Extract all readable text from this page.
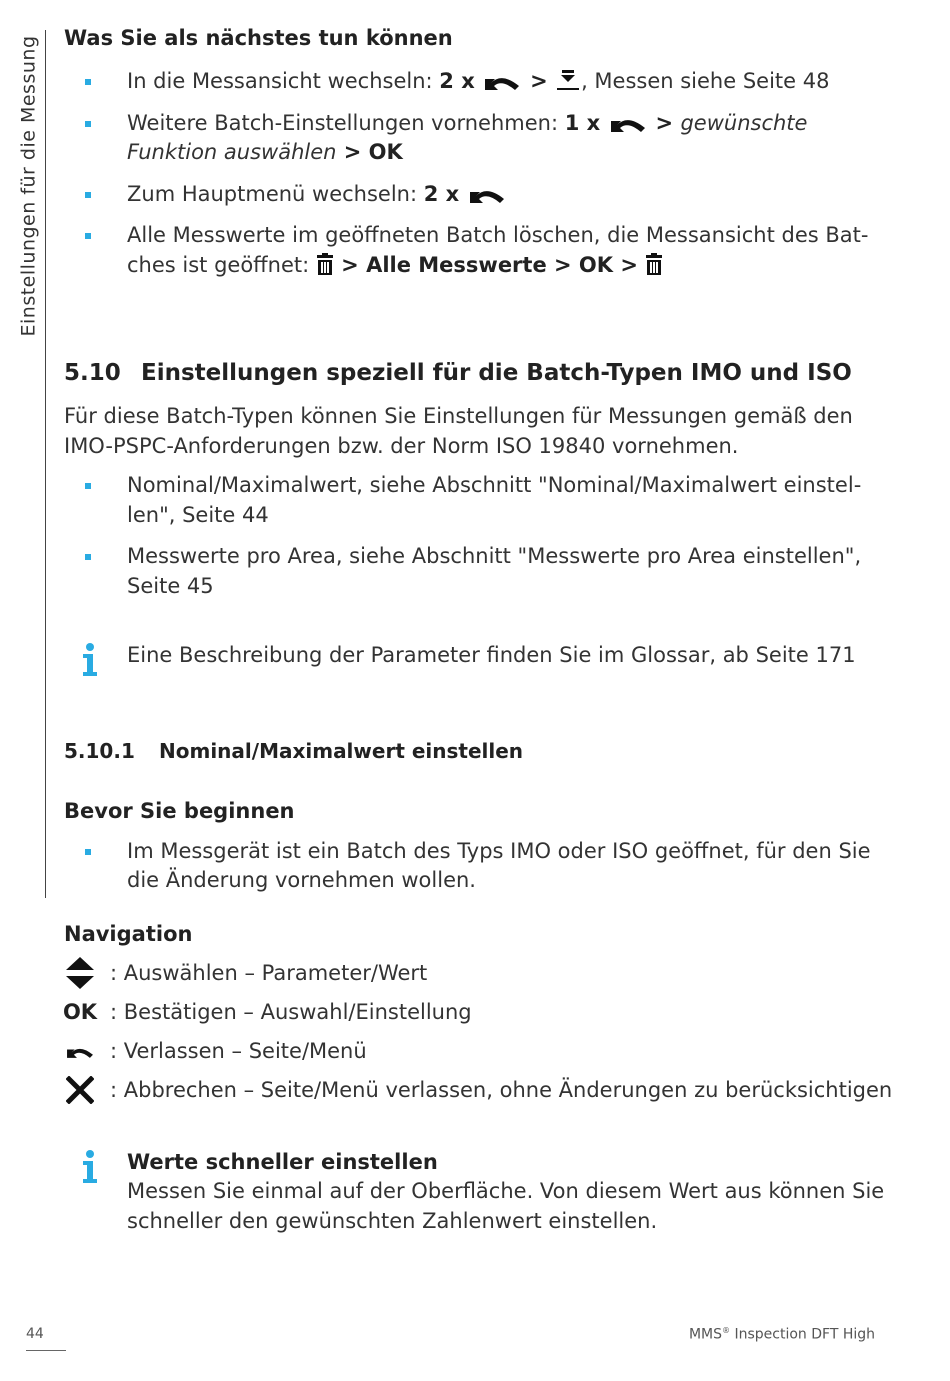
Einstellungen für die Messung Was Sie als nächstes tun können
In die Messansicht wechseln: 2 x	> , Messen siehe Seite 48
Weitere Batch-Einstellungen vornehmen: 1 x	> gewünschte Funktion auswählen > OK
Zum Hauptmenü wechseln: 2 x
Alle Messwerte im geöffneten Batch löschen, die Messansicht des Batches ist geöffnet:  > Alle Messwerte > OK >
5.10 Einstellungen speziell für die Batch-Typen IMO und ISO

Für diese Batch-Typen können Sie Einstellungen für Messungen gemäß den IMO-PSPC-Anforderungen bzw. der Norm ISO 19840 vornehmen.

Nominal/Maximalwert, siehe Abschnitt "Nominal/Maximalwert einstellen", Seite 44
Messwerte pro Area, siehe Abschnitt "Messwerte pro Area einstellen", Seite 45
Eine Beschreibung der Parameter finden Sie im Glossar, ab Seite 171
5.10.1 Nominal/Maximalwert einstellen
Bevor Sie beginnen
Im Messgerät ist ein Batch des Typs IMO oder ISO geöffnet, für den Sie die Änderung vornehmen wollen.
Navigation
: Auswählen – Parameter/Wert
OK : Bestätigen – Auswahl/Einstellung
: Verlassen – Seite/Menü
: Abbrechen – Seite/Menü verlassen, ohne Änderungen zu berücksichtigen
Werte schneller einstellen
Messen Sie einmal auf der Oberfläche. Von diesem Wert aus können Sie schneller den gewünschten Zahlenwert einstellen.
44	MMS® Inspection DFT High
